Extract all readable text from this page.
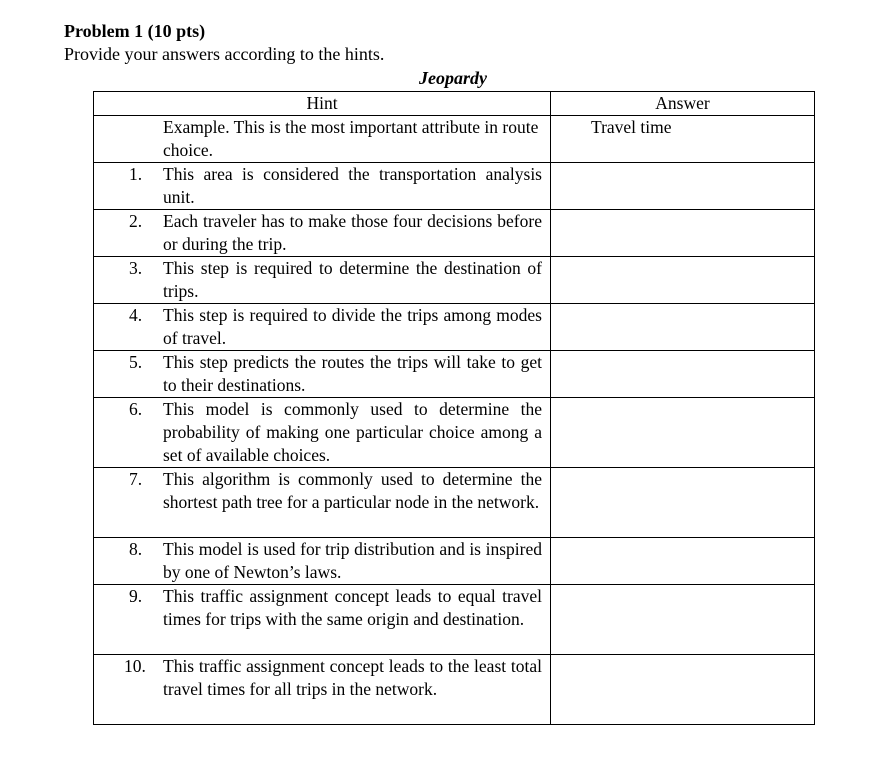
Problem 1 (10 pts)
Provide your answers according to the hints.
Jeopardy
Hint	Answer

Example. This is the most important attribute in route choice.	Travel time

1. This area is considered the transportation analysis unit.	

2. Each traveler has to make those four decisions before or during the trip.	

3. This step is required to determine the destination of trips.	

4. This step is required to divide the trips among modes of travel.	

5. This step predicts the routes the trips will take to get to their destinations.	

6. This model is commonly used to determine the probability of making one particular choice among a set of available choices.	

7. This algorithm is commonly used to determine the shortest path tree for a particular node in the network.	

8. This model is used for trip distribution and is inspired by one of Newton’s laws.	

9. This traffic assignment concept leads to equal travel times for trips with the same origin and destination.	

10. This traffic assignment concept leads to the least total travel times for all trips in the network.	
